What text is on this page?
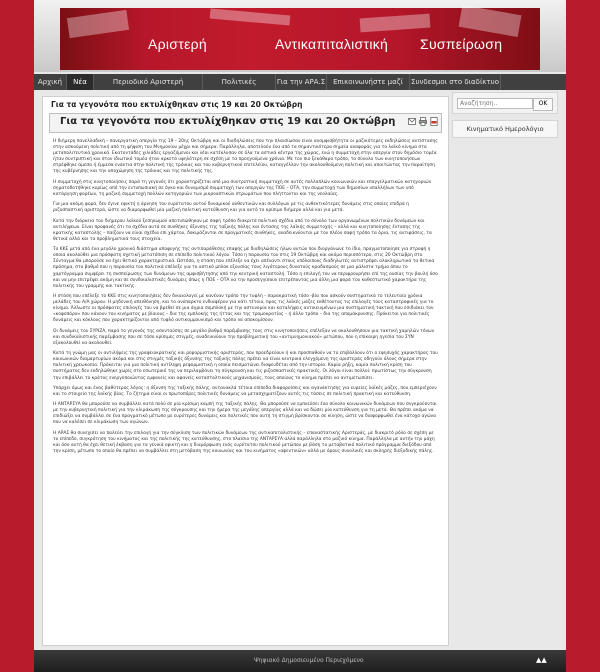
Αριστερή	Αντικαπιταλιστική Συσπείρωση
Αρχική	Νέα	Περιοδικό Αριστερή	Πολιτικές	Για την ΑΡΑ.Σ	Επικοινωνήστε μαζί	Συνδεσμοι στο διαδίκτυο
Για τα γεγονότα που εκτυλίχθηκαν στις 19 και 20 Οκτώβρη
Για τα γεγονότα που εκτυλίχθηκαν στις 19 και 20 Οκτώβρη

Η διήμερη πανελλαδική – πανεργατική απεργία της 19 – 20ης Οκτώβρη και οι διαδηλώσεις που την πλαισίωσαν είναι αναμφισβήτητα οι μαζικότερες εκδηλώσεις αντίστασης στην ασκούμενη πολιτική από τη ψήφιση του Μνημονίου μέχρι και σήμερα. Παράλληλα, αποτελούν ένα από τα σημαντικότερα σημεία αναφοράς για το λαϊκό κίνημα στα μεταπολιτευτικά χρονικά. Εκατοντάδες χιλιάδες εργαζόμενοι και νέοι κατέκλυσαν σε όλα τα αστικά κέντρα της χώρας, ενώ η συμμετοχή στην απεργία στον δημόσιο τομέα ήταν συντριπτική και στον ιδιωτικό τομέα ήταν αρκετά υψηλότερη σε σχέση με τα προηγούμενα χρόνια. Με τον πιο ξεκάθαρο τρόπο, το σύνολο των κινητοποιήσεων στρέφθηκε άμεσα ή έμμεσα ενάντια στην πολιτική της τρόικας και του κυβερνητικού επιτελείου, καταγγέλλον την ακολουθούμενη πολιτική και απαιτώντας την παραίτηση της κυβέρνησης και την αποχώρηση της τρόικας και της πολιτικής της.

Η συμμετοχή στις κινητοποιήσεις παρά τη γεγονός ότι χαρακτηρίζεται από μια συντριπτική συμμετοχή σε αυτές πολλαπλών κοινωνικών και επαγγελματικών κατηγοριών σηματοδοτήθηκε κυρίως από την εντυπωσιακή σε όγκο και δυναμισμό συμμετοχή των απεργών της ΠΟΕ – ΟΤΑ, την συμμετοχή των δημοσίων υπαλλήλων των υπό κατάργηση φορέων, τη μαζική συμμετοχή πολλών κατηγοριών των μικροαστικών στρωμάτων που πλήττονται και της νεολαίας.

Για μια ακόμη φορά, δεν έγινε εφικτή η άρνηση του ευρύτατου αυτού δυναμικού αυθεντικών και συλλόγων με τις ανθεκτικότερες δυνάμεις στις οποίες επιδρά η ριζοσπαστική αριστερά, ώστε να διαμορφωθεί μία μαζική πολιτική κατεύθυνση και για αυτό το κρίσιμο διήμερο αλλά και για μετά.

Κατά την διάρκεια του διήμερου λαϊκού ξεσηκωμού αποτυπώθηκαν με σαφή τρόπο διακριτά πολιτικά σχέδια από το σύνολο των οργανωμένων πολιτικών δυνάμεων και αντιλήψεων. Είναι προφανές ότι τα σχέδια αυτά σε συνθήκες όξυνσης της ταξικής πάλης και έντασης της λαϊκής συμμετοχής – αλλά και κινητοποίησης έντασης της κρατικής καταστολής – παίζουν να είναι σχέδια επί χάρτου, δοκιμάζονται σε πραγματικές συνθήκες, αναδεικνύονται με τον πλέον σαφή τρόπο τα όρια, τις αντιφάσεις, τα θετικά αλλά και τα προβληματικά τους στοιχεία.

Το ΚΚΕ μετά από ένα μεγάλο χρονικό διάστημα αποφυγής της αντιπαράθεσης επαφής με διαδηλώσεις ήλων αυτών που διοργάνωνε το ίδιο, πραγματοποίησε για στροφή η οποία ακολούθει μια πρόσφατη σχετική μετατόπιση σε επίπεδο πολιτικού λόγου. Τόσο η παρουσία του στις 19 Οκτώβρη και ακόμα περισσότερο, στις 20 Οκτώβρη στο Σύνταγμα θα μπορούσε να έχει θετικό χαρακτηριστικά. Ωστόσο, η στάση που επέλεξε να έχει απέναντι στους υπόλοιπους διαδηλωτές αντιστρέφει ολοκληρωτικά τα θετικά πρόσημα, στο βαθμό που η παρουσία του πολιτικά επέλεξε για το αστικό μπλοκ εξουσίας τους λιγότερους δυνατούς κραδασμούς σε μια μάλιστα τμήμα όπου το χαρτόγραμμα συμφέρει τη συσπείρωσης των δυνάμεων της αμφισβήτησης από την κεντρική καταστολή. Τόσο η επιλογή του να περιφρουρήσει επί της ουσίας την βουλή όσο και να μην επιτρέψει ακόμη και σε συνδικαλιστικές δυνάμεις όπως η ΠΟΕ – ΟΤΑ να την προσεγγίσουν επιτρέποντας μια άλλη μια φορά του καθεστωτικό χαρακτήρα της πολιτικής του γραμμής και τακτικής.

Η στάση που επέλεξε το ΚΚΕ στις κινητοποιήσεις δεν δικαιολογεί με κανέναν τρόπο την τυφλή – παρακρατική τόσο -βία που ασκούν συστηματικά το τελευταίο χρόνια μελάδες του Α/Α χώρου. Η μηδενική απειθόνηση, και το ανύπαρκτο ενδιαφέρον για κάτι τέτοιο, προς τις λαϊκές μάζες εκθέτοντας τις επιλογές τους καταστροφικές για το κίνημα. Άλλωστε οι πρόσφατες επιλογές του να βρεθεί σε μια άγρια συμπλοκή με την αστυνομία και καταλήψεις αντικεινμένων μια συστηματική τακτική που εσιδιάκει τον «κοφοπάρα» που κάνουν του κινήματος με βίαιους – δια της εμπλοκής της ήττας και της τρομοκρατίας – ή άλλο τρόπο – δια της απομάκρυνσης. Πρόκειται για πολιτικές δυνάμεις και κόκλους που χαρακτηρίζονται από τυφλό αντικομμουνισμό και τρόπο να αποκομίσουν.

Οι δυνάμεις του ΣΥΡΙΖΑ, παρά το γεγονός της ασυνταύσης σε μεγάλο βαθμό παρέμβασης τους στις κινητοποιήσεις επέλεξαν να ακολουθήσουν μια τακτική χαμηλών τόνων και συνδικαλιστικής παρέμβασης που σε τόσο κρίσιμες στιγμές, αναδεικνύουν την προβληματική του «αντιμνημονιακού» μετώπου, που η επίκαιρη ηγεσία του ΣΥΝ εξακολουθεί να ακολουθεί.

Κατά τη γνώμη μας οι αντιλήψεις της γραφειοκρατικής και ρεφορμιστικής αριστεράς, που προεδρεύουν ή και προσπαθούν να το επιβάλλουν ότι ο εφησυχός χαρακτήρας του κοινωνικών διαμαρτυρίων ακόμα και στις στιγμές ταξικής όξυνσης της ταξικής πάλης πρέπει να είναι κεντρικά ελεγχόμενη της αριστεράς οδηγούν όλους σήμερα στην πολιτική χρεωκοπία. Πρόκειται για μια πολιτική αντίληψη ρεφορμιστική η οποία πεισματώνει διαψευδέται από την ιστορία. Καμία ρήξη, καμία πολιτική κρίση του συστήματος δεν εκδηλώθηκε χωρίς στο εσωτερικό της να περιλαμβάνει τη σύγκρουση και τις ριζοσπαστικές πρακτικές. Οι λόγοι είναι πολλοί: πρωτίστως την σύγκρουση την επιβάλλει το κράτος ενεργοποιώντας εμφανείς και αφανείς κατασταλτικούς μηχανισμούς, τους οποίους το κίνημα πρέπει να αντιμετωπίσει.

Υπάρχει όμως και ένας βαθύτερος λόγος: η όξυνση της ταξικής πάλης, αντανακλά τέτοια επίπεδα διαφοροίσεις και αγανάκτησης για ευρείες λαϊκές μάζες, που εμπεριέχουν και το στοιχείο της λαϊκής βίας. Το ζήτημα είναι οι πρωτοπόρες πολιτικές δυνάμεις να μετασχηματίζουν αυτές τις τάσεις σε πολιτική πρακτική και κατεύθυνση.

Η ΑΝΤΑΡΣΥΑ θα μπορούσε να συμβάλλει κατά πολύ σε μία κρίσιμη καμπή της ταξικής πάλης. Θα μπορούσε να εμπνεύσει ένα σύνολο κοινωνικών δυνάμεων που συγκρούονται με την κυβερνητική πολιτική για την κλιμάκωση της σύγκρουσης και την ήμερα της μεγάλης απεργίας αλλά και να δώσει μία κατεύθυνση για τη μετά. Θα πρέπει ακόμα να επιδιώξει να συμβάλλει σε ένα πραγματικό μέτωπο με ευρύτερες δυνάμεις και πολιτικές που αυτή τη στιγμή βρίσκονται σε κίνηση, ώστε να διαφορφωθεί ένα κάτοχο αγώνα που να καλέσει σε κλιμάκωση των αγώνων.

Η ΑΡΑΣ θα συνεχίσει να παλεύει την επιλογή για την σύγκλιση των πολιτικών δυνάμεων της αντικαπιταλιστικής – επαναστατικής Αριστεράς, με διακριτό ρόλο σε σχέση με το επίπεδο, συγκρότηση του κινήματος και της πολιτικής της κατεύθυνσης, στο πλαίσιο της ΑΝΤΑΡΣΥΑ αλλά παράλληλα στο μαζικό κίνημα. Παράλληλα με αυτήν την μάχη και όσο αυτή θα έχει θετική έκβαση για τα γενικά εφικτή και η διαμόρφωση ενός ευρύτατου πολιτικού μετώπου με βάση το μεταβατικό πολιτικό πρόγραμμα διεξόδου από την κρίση, μέτωπο το οποίο θα πρέπει να συμβάλλει στη μετάβαση της κοινωνίας και του κινήματος «αφεντικών» αλλά με όρους συνολικές και σκληρής διεξοδικής πάλης.

Αναζήτηση..
OK
Κινηματικό Ημερολόγιο
Ψηφιακό Δημοσιευμένο Περιεχόμενο	▲▲
